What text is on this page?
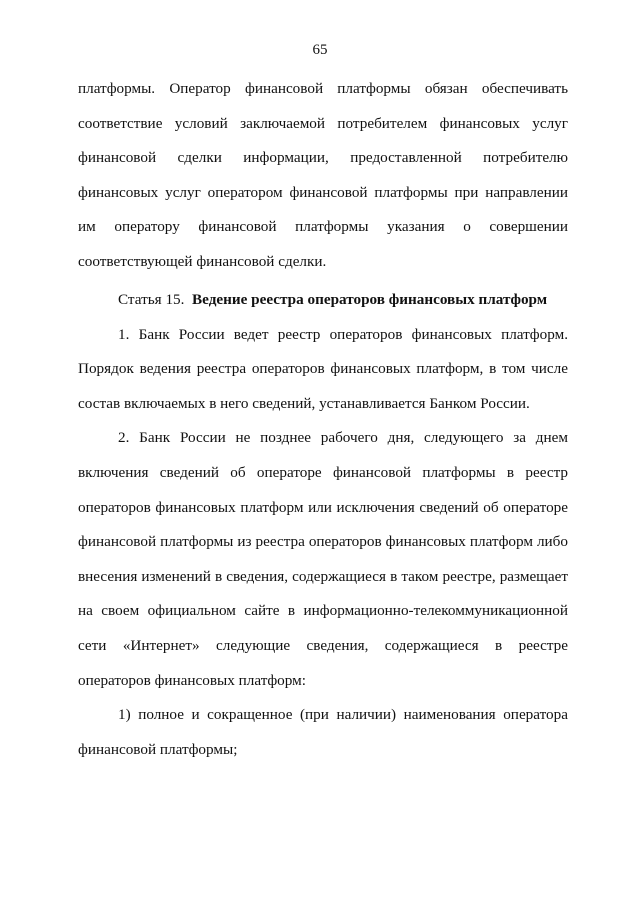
65

платформы. Оператор финансовой платформы обязан обеспечивать соответствие условий заключаемой потребителем финансовых услуг финансовой сделки информации, предоставленной потребителю финансовых услуг оператором финансовой платформы при направлении им оператору финансовой платформы указания о совершении соответствующей финансовой сделки.

Статья 15. Ведение реестра операторов финансовых платформ

1. Банк России ведет реестр операторов финансовых платформ. Порядок ведения реестра операторов финансовых платформ, в том числе состав включаемых в него сведений, устанавливается Банком России.

2. Банк России не позднее рабочего дня, следующего за днем включения сведений об операторе финансовой платформы в реестр операторов финансовых платформ или исключения сведений об операторе финансовой платформы из реестра операторов финансовых платформ либо внесения изменений в сведения, содержащиеся в таком реестре, размещает на своем официальном сайте в информационно-телекоммуникационной сети «Интернет» следующие сведения, содержащиеся в реестре операторов финансовых платформ:

1) полное и сокращенное (при наличии) наименования оператора финансовой платформы;
